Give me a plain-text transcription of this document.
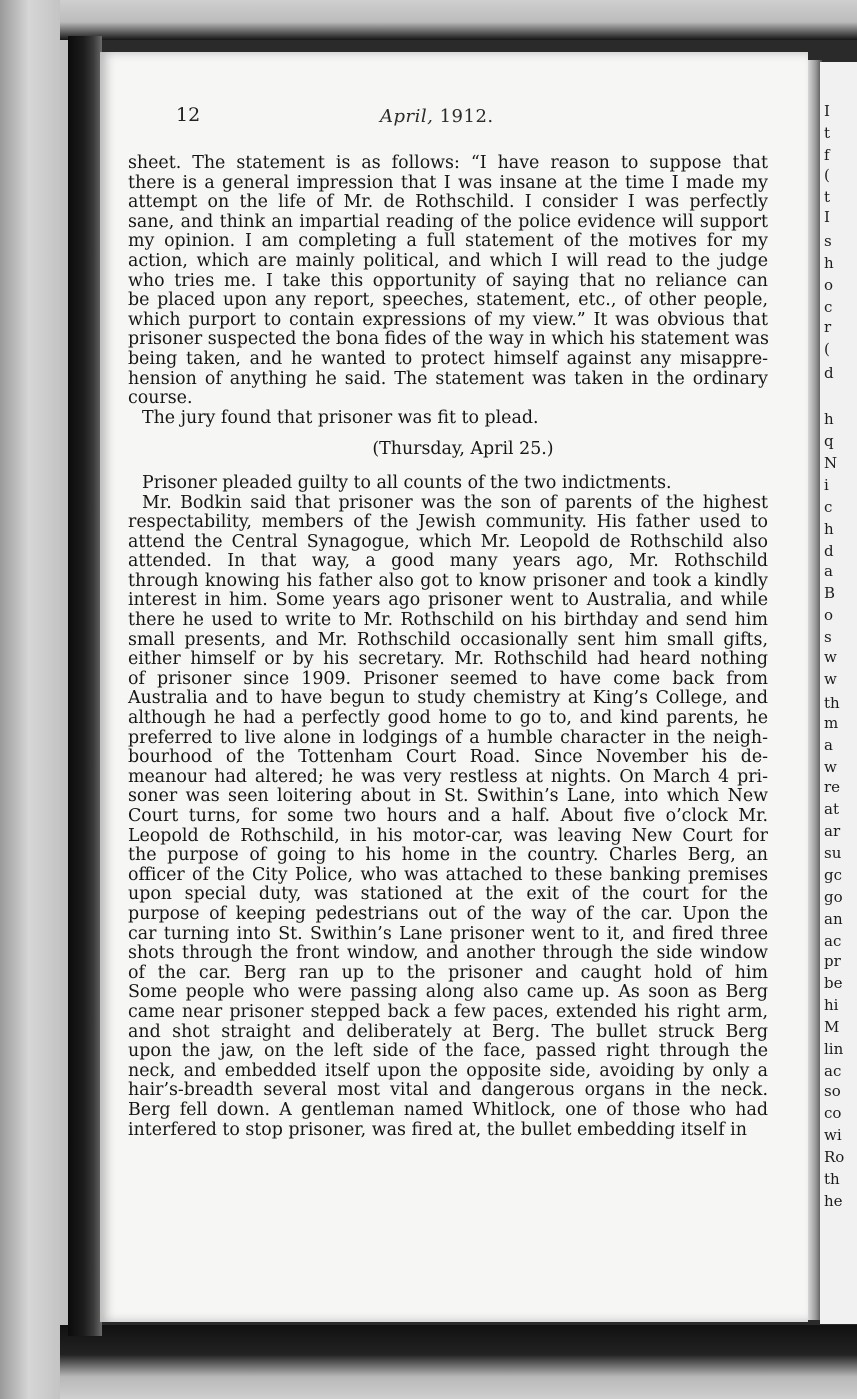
I
t
f
(
t
I
s
h
o
c
r
(
d
h
q
N
i
c
h
d
a
B
o
s
w
w
th
m
a
w
re
at
ar
su
gc
go
an
ac
pr
be
hi
M
lin
ac
so
co
wi
Ro
th
he
12	April, 1912.
sheet. The statement is as follows: “I have reason to suppose that
there is a general impression that I was insane at the time I made my
attempt on the life of Mr. de Rothschild. I consider I was perfectly
sane, and think an impartial reading of the police evidence will support
my opinion. I am completing a full statement of the motives for my
action, which are mainly political, and which I will read to the judge
who tries me. I take this opportunity of saying that no reliance can
be placed upon any report, speeches, statement, etc., of other people,
which purport to contain expressions of my view.” It was obvious that
prisoner suspected the bona fides of the way in which his statement was
being taken, and he wanted to protect himself against any misappre-
hension of anything he said. The statement was taken in the ordinary
course.
The jury found that prisoner was fit to plead.
(Thursday, April 25.)
Prisoner pleaded guilty to all counts of the two indictments.
Mr. Bodkin said that prisoner was the son of parents of the highest
respectability, members of the Jewish community. His father used to
attend the Central Synagogue, which Mr. Leopold de Rothschild also
attended. In that way, a good many years ago, Mr. Rothschild
through knowing his father also got to know prisoner and took a kindly
interest in him. Some years ago prisoner went to Australia, and while
there he used to write to Mr. Rothschild on his birthday and send him
small presents, and Mr. Rothschild occasionally sent him small gifts,
either himself or by his secretary. Mr. Rothschild had heard nothing
of prisoner since 1909. Prisoner seemed to have come back from
Australia and to have begun to study chemistry at King’s College, and
although he had a perfectly good home to go to, and kind parents, he
preferred to live alone in lodgings of a humble character in the neigh-
bourhood of the Tottenham Court Road. Since November his de-
meanour had altered; he was very restless at nights. On March 4 pri-
soner was seen loitering about in St. Swithin’s Lane, into which New
Court turns, for some two hours and a half. About five o’clock Mr.
Leopold de Rothschild, in his motor-car, was leaving New Court for
the purpose of going to his home in the country. Charles Berg, an
officer of the City Police, who was attached to these banking premises
upon special duty, was stationed at the exit of the court for the
purpose of keeping pedestrians out of the way of the car. Upon the
car turning into St. Swithin’s Lane prisoner went to it, and fired three
shots through the front window, and another through the side window
of the car. Berg ran up to the prisoner and caught hold of him
Some people who were passing along also came up. As soon as Berg
came near prisoner stepped back a few paces, extended his right arm,
and shot straight and deliberately at Berg. The bullet struck Berg
upon the jaw, on the left side of the face, passed right through the
neck, and embedded itself upon the opposite side, avoiding by only a
hair’s-breadth several most vital and dangerous organs in the neck.
Berg fell down. A gentleman named Whitlock, one of those who had
interfered to stop prisoner, was fired at, the bullet embedding itself in
